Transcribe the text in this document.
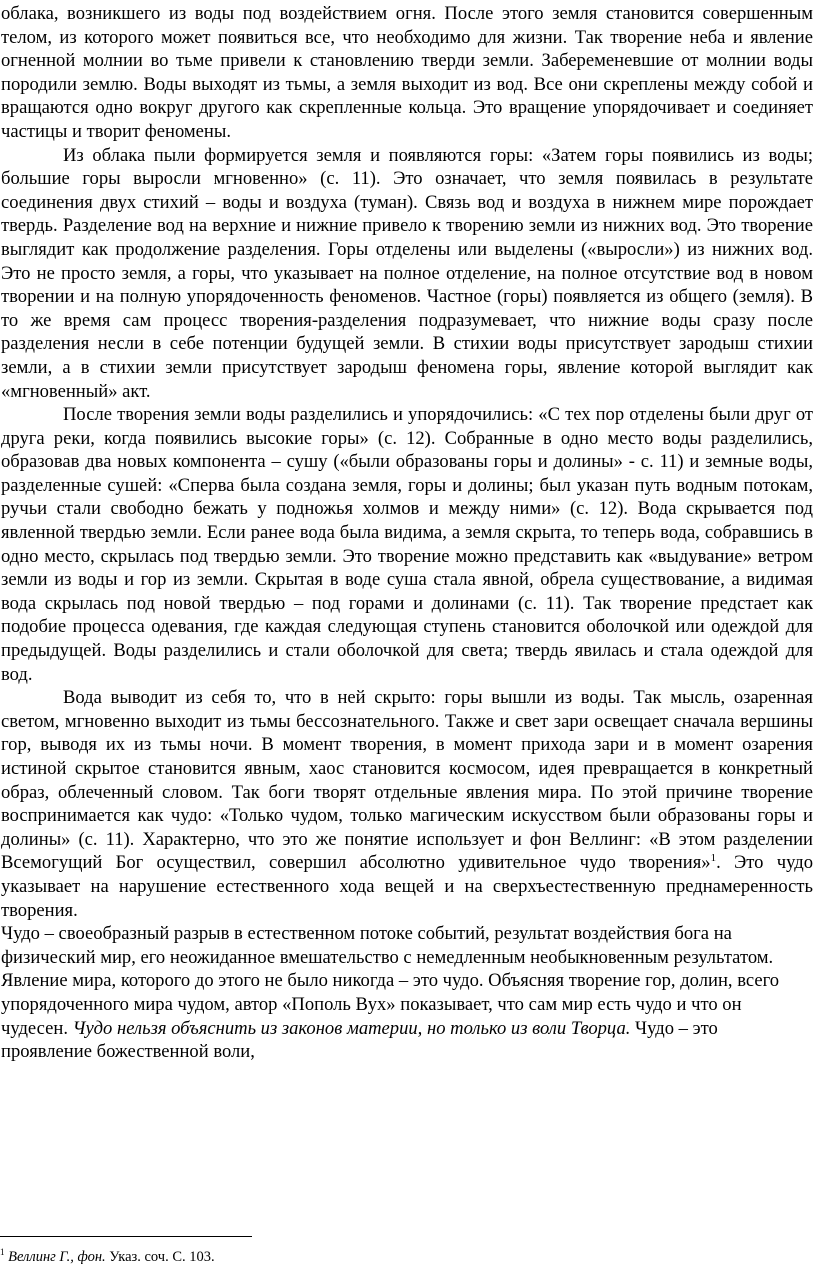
облака, возникшего из воды под воздействием огня. После этого земля становится совершенным телом, из которого может появиться все, что необходимо для жизни. Так творение неба и явление огненной молнии во тьме привели к становлению тверди земли. Забеременевшие от молнии воды породили землю. Воды выходят из тьмы, а земля выходит из вод. Все они скреплены между собой и вращаются одно вокруг другого как скрепленные кольца. Это вращение упорядочивает и соединяет частицы и творит феномены.

Из облака пыли формируется земля и появляются горы: «Затем горы появились из воды; большие горы выросли мгновенно» (с. 11). Это означает, что земля появилась в результате соединения двух стихий – воды и воздуха (туман). Связь вод и воздуха в нижнем мире порождает твердь. Разделение вод на верхние и нижние привело к творению земли из нижних вод. Это творение выглядит как продолжение разделения. Горы отделены или выделены («выросли») из нижних вод. Это не просто земля, а горы, что указывает на полное отделение, на полное отсутствие вод в новом творении и на полную упорядоченность феноменов. Частное (горы) появляется из общего (земля). В то же время сам процесс творения-разделения подразумевает, что нижние воды сразу после разделения несли в себе потенции будущей земли. В стихии воды присутствует зародыш стихии земли, а в стихии земли присутствует зародыш феномена горы, явление которой выглядит как «мгновенный» акт.

После творения земли воды разделились и упорядочились: «С тех пор отделены были друг от друга реки, когда появились высокие горы» (с. 12). Собранные в одно место воды разделились, образовав два новых компонента – сушу («были образованы горы и долины» - с. 11) и земные воды, разделенные сушей: «Сперва была создана земля, горы и долины; был указан путь водным потокам, ручьи стали свободно бежать у подножья холмов и между ними» (с. 12). Вода скрывается под явленной твердью земли. Если ранее вода была видима, а земля скрыта, то теперь вода, собравшись в одно место, скрылась под твердью земли. Это творение можно представить как «выдувание» ветром земли из воды и гор из земли. Скрытая в воде суша стала явной, обрела существование, а видимая вода скрылась под новой твердью – под горами и долинами (с. 11). Так творение предстает как подобие процесса одевания, где каждая следующая ступень становится оболочкой или одеждой для предыдущей. Воды разделились и стали оболочкой для света; твердь явилась и стала одеждой для вод.

Вода выводит из себя то, что в ней скрыто: горы вышли из воды. Так мысль, озаренная светом, мгновенно выходит из тьмы бессознательного. Также и свет зари освещает сначала вершины гор, выводя их из тьмы ночи. В момент творения, в момент прихода зари и в момент озарения истиной скрытое становится явным, хаос становится космосом, идея превращается в конкретный образ, облеченный словом. Так боги творят отдельные явления мира. По этой причине творение воспринимается как чудо: «Только чудом, только магическим искусством были образованы горы и долины» (с. 11). Характерно, что это же понятие использует и фон Веллинг: «В этом разделении Всемогущий Бог осуществил, совершил абсолютно удивительное чудо творения»$^1$. Это чудо указывает на нарушение естественного хода вещей и на сверхъестественную преднамеренность творения.

Чудо – своеобразный разрыв в естественном потоке событий, результат воздействия бога на физический мир, его неожиданное вмешательство с немедленным необыкновенным результатом. Явление мира, которого до этого не было никогда – это чудо. Объясняя творение гор, долин, всего упорядоченного мира чудом, автор «Пополь Вух» показывает, что сам мир есть чудо и что он чудесен. Чудо нельзя объяснить из законов материи, но только из воли Творца. Чудо – это проявление божественной воли,

$^1$ Веллинг Г., фон. Указ. соч. С. 103.
